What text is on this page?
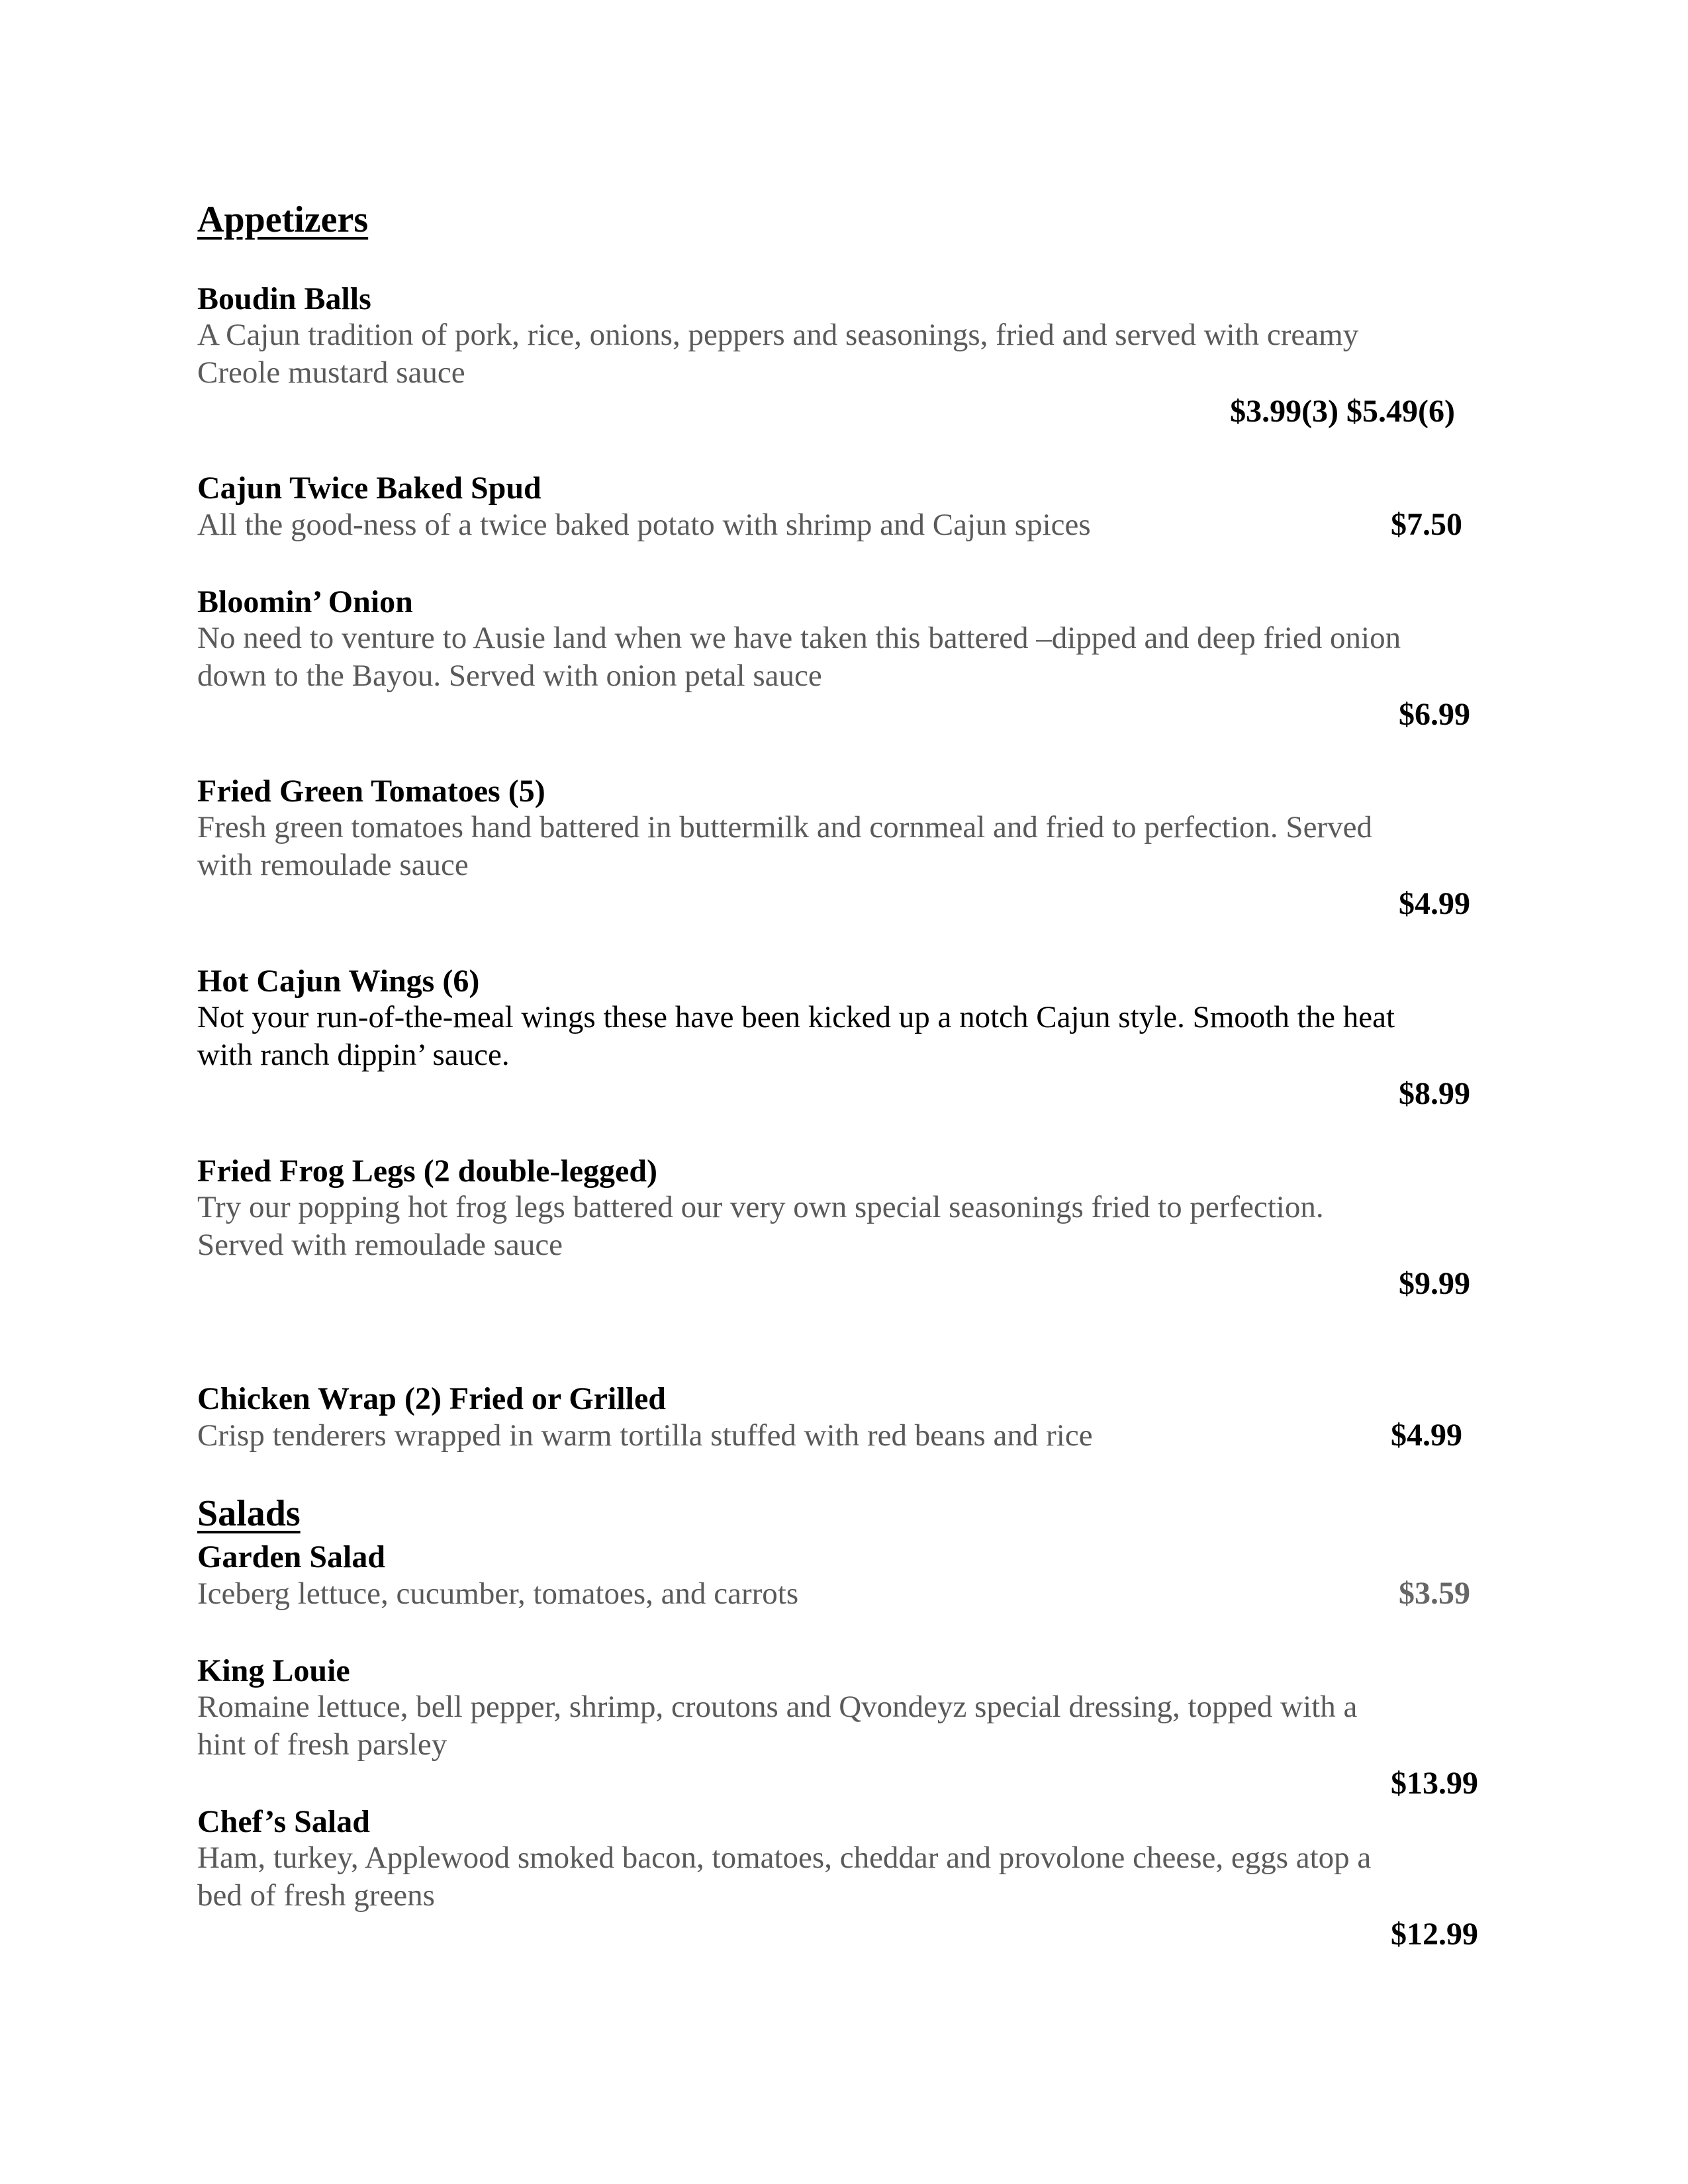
Appetizers
Boudin Balls
A Cajun tradition of pork, rice, onions, peppers and seasonings, fried and served with creamy
Creole mustard sauce
$3.99(3) $5.49(6)
Cajun Twice Baked Spud
All the good-ness of a twice baked potato with shrimp and Cajun spices	$7.50
Bloomin’ Onion
No need to venture to Ausie land when we have taken this battered –dipped and deep fried onion
down to the Bayou. Served with onion petal sauce
$6.99
Fried Green Tomatoes (5)
Fresh green tomatoes hand battered in buttermilk and cornmeal and fried to perfection. Served
with remoulade sauce
$4.99
Hot Cajun Wings (6)
Not your run-of-the-meal wings these have been kicked up a notch Cajun style. Smooth the heat
with ranch dippin’ sauce.
$8.99
Fried Frog Legs (2 double-legged)
Try our popping hot frog legs battered our very own special seasonings fried to perfection.
Served with remoulade sauce
$9.99
Chicken Wrap (2) Fried or Grilled
Crisp tenderers wrapped in warm tortilla stuffed with red beans and rice	$4.99
Salads
Garden Salad
Iceberg lettuce, cucumber, tomatoes, and carrots	$3.59
King Louie
Romaine lettuce, bell pepper, shrimp, croutons and Qvondeyz special dressing, topped with a
hint of fresh parsley
$13.99
Chef’s Salad
Ham, turkey, Applewood smoked bacon, tomatoes, cheddar and provolone cheese, eggs atop a
bed of fresh greens
$12.99
